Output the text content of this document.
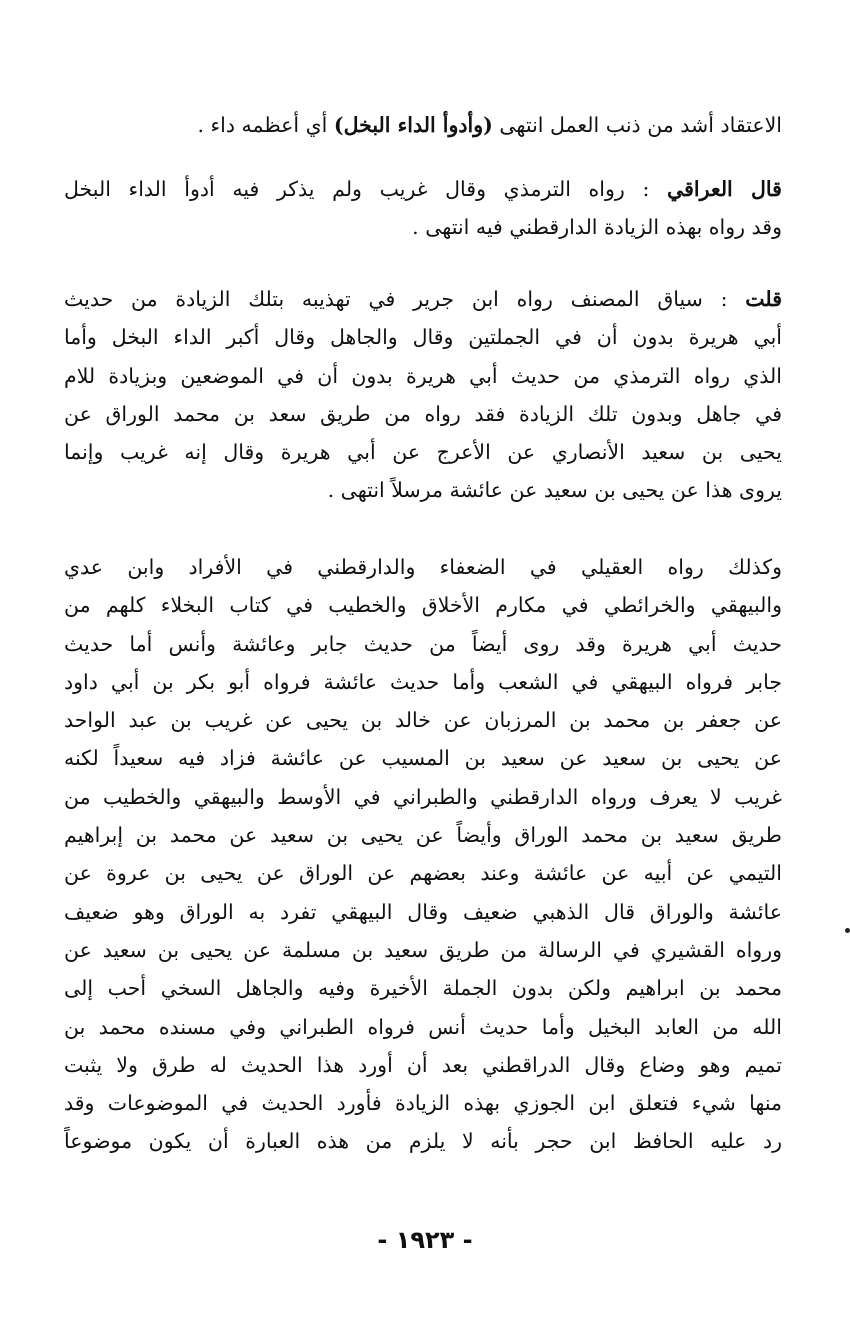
الاعتقاد أشد من ذنب العمل انتهى (وأدوأ الداء البخل) أي أعظمه داء .
قال العراقي : رواه الترمذي وقال غريب ولم يذكر فيه أدوأ الداء البخل
وقد رواه بهذه الزيادة الدارقطني فيه انتهى .
قلت : سياق المصنف رواه ابن جرير في تهذيبه بتلك الزيادة من حديث
أبي هريرة بدون أن في الجملتين وقال والجاهل وقال أكبر الداء البخل وأما
الذي رواه الترمذي من حديث أبي هريرة بدون أن في الموضعين وبزيادة للام
في جاهل وبدون تلك الزيادة فقد رواه من طريق سعد بن محمد الوراق عن
يحيى بن سعيد الأنصاري عن الأعرج عن أبي هريرة وقال إنه غريب وإنما
يروى هذا عن يحيى بن سعيد عن عائشة مرسلاً انتهى .
وكذلك رواه العقيلي في الضعفاء والدارقطني في الأفراد وابن عدي
والبيهقي والخرائطي في مكارم الأخلاق والخطيب في كتاب البخلاء كلهم من
حديث أبي هريرة وقد روى أيضاً من حديث جابر وعائشة وأنس أما حديث
جابر فرواه البيهقي في الشعب وأما حديث عائشة فرواه أبو بكر بن أبي داود
عن جعفر بن محمد بن المرزبان عن خالد بن يحيى عن غريب بن عبد الواحد
عن يحيى بن سعيد عن سعيد بن المسيب عن عائشة فزاد فيه سعيداً لكنه
غريب لا يعرف ورواه الدارقطني والطبراني في الأوسط والبيهقي والخطيب من
طريق سعيد بن محمد الوراق وأيضاً عن يحيى بن سعيد عن محمد بن إبراهيم
التيمي عن أبيه عن عائشة وعند بعضهم عن الوراق عن يحيى بن عروة عن
عائشة والوراق قال الذهبي ضعيف وقال البيهقي تفرد به الوراق وهو ضعيف
ورواه القشيري في الرسالة من طريق سعيد بن مسلمة عن يحيى بن سعيد عن
محمد بن ابراهيم ولكن بدون الجملة الأخيرة وفيه والجاهل السخي أحب إلى
الله من العابد البخيل وأما حديث أنس فرواه الطبراني وفي مسنده محمد بن
تميم وهو وضاع وقال الدراقطني بعد أن أورد هذا الحديث له طرق ولا يثبت
منها شيء فتعلق ابن الجوزي بهذه الزيادة فأورد الحديث في الموضوعات وقد
رد عليه الحافظ ابن حجر بأنه لا يلزم من هذه العبارة أن يكون موضوعاً
- ١٩٢٣ -
